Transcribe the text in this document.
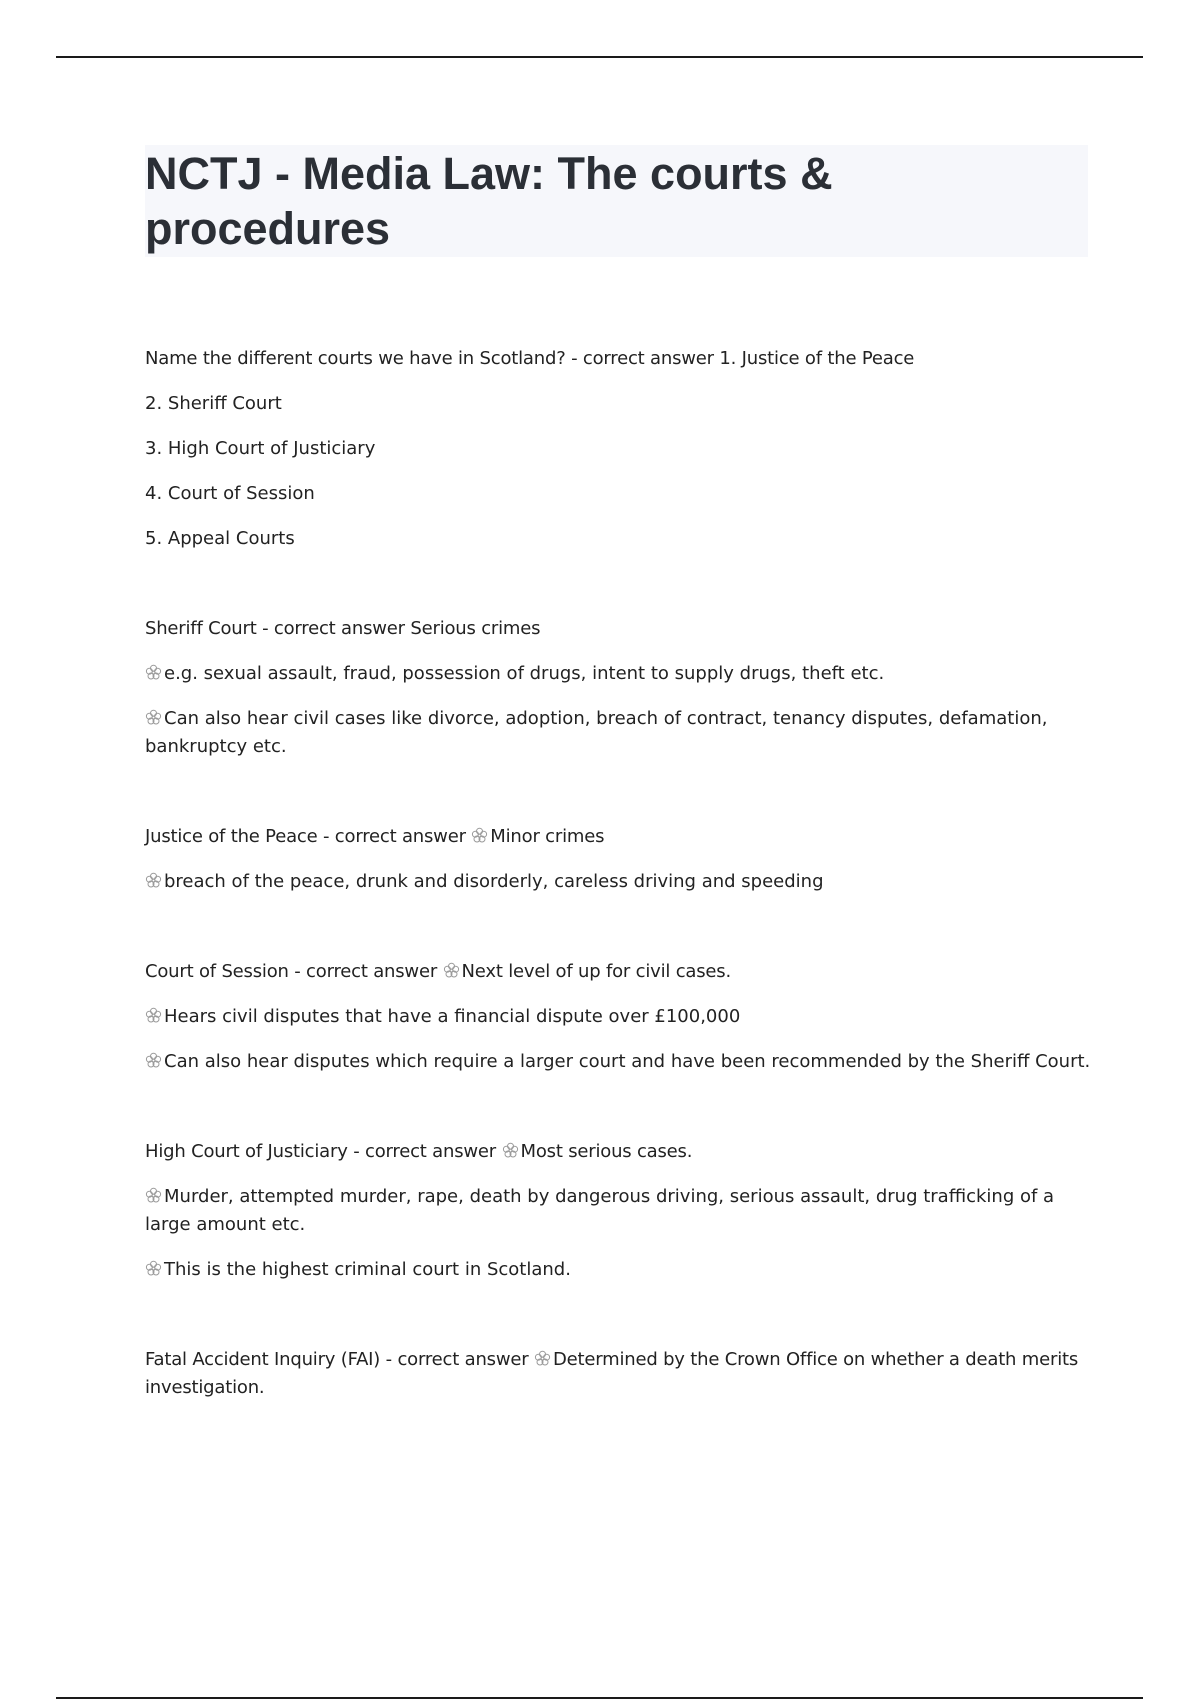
NCTJ - Media Law: The courts & procedures

Name the different courts we have in Scotland? - correct answer 1. Justice of the Peace

2. Sheriff Court

3. High Court of Justiciary

4. Court of Session

5. Appeal Courts

Sheriff Court - correct answer Serious crimes

e.g. sexual assault, fraud, possession of drugs, intent to supply drugs, theft etc.

Can also hear civil cases like divorce, adoption, breach of contract, tenancy disputes, defamation, bankruptcy etc.

Justice of the Peace - correct answer
Minor crimes

breach of the peace, drunk and disorderly, careless driving and speeding

Court of Session - correct answer
Next level of up for civil cases.

Hears civil disputes that have a financial dispute over £100,000

Can also hear disputes which require a larger court and have been recommended by the Sheriff Court.

High Court of Justiciary - correct answer
Most serious cases.

Murder, attempted murder, rape, death by dangerous driving, serious assault, drug trafficking of a large amount etc.

This is the highest criminal court in Scotland.

Fatal Accident Inquiry (FAI) - correct answer
Determined by the Crown Office on whether a death merits investigation.
